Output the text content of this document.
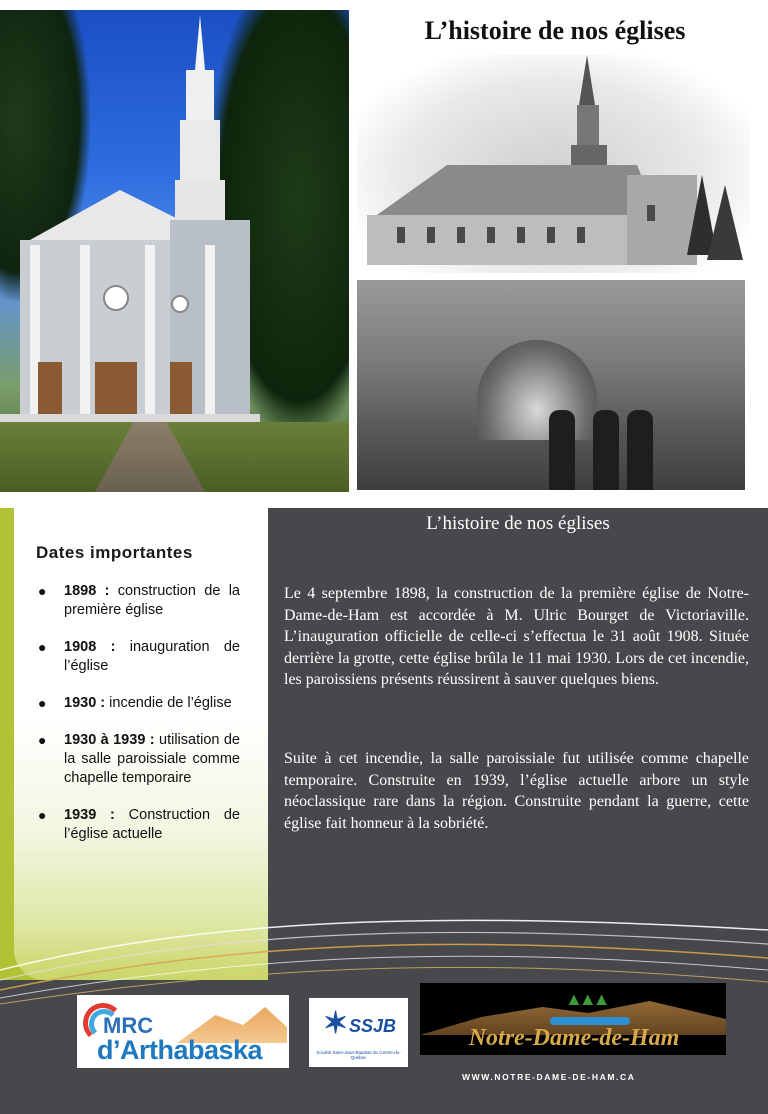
L’histoire de nos églises
Dates importantes
● 1898 : construction de la première église
● 1908 : inauguration de l’église
● 1930 : incendie de l’église
● 1930 à 1939 : utilisation de la salle paroissiale comme chapelle temporaire
● 1939 : Construction de l’église actuelle
L’histoire de nos églises

Le 4 septembre 1898, la construction de la première église de Notre-Dame-de-Ham est accordée à M. Ulric Bourget de Victoriaville. L’inauguration officielle de celle-ci s’effectua le 31 août 1908. Située derrière la grotte, cette église brûla le 11 mai 1930. Lors de cet incendie, les paroissiens présents réussirent à sauver quelques biens.

Suite à cet incendie, la salle paroissiale fut utilisée comme chapelle temporaire. Construite en 1939, l’église actuelle arbore un style néoclassique rare dans la région. Construite pendant la guerre, cette église fait honneur à la sobriété.

MRC
d’Arthabaska
✶ SSJB
Société Saint-Jean-Baptiste du Centre-du-Québec
▲▲▲
Notre-Dame-de-Ham
WWW.NOTRE-DAME-DE-HAM.CA
